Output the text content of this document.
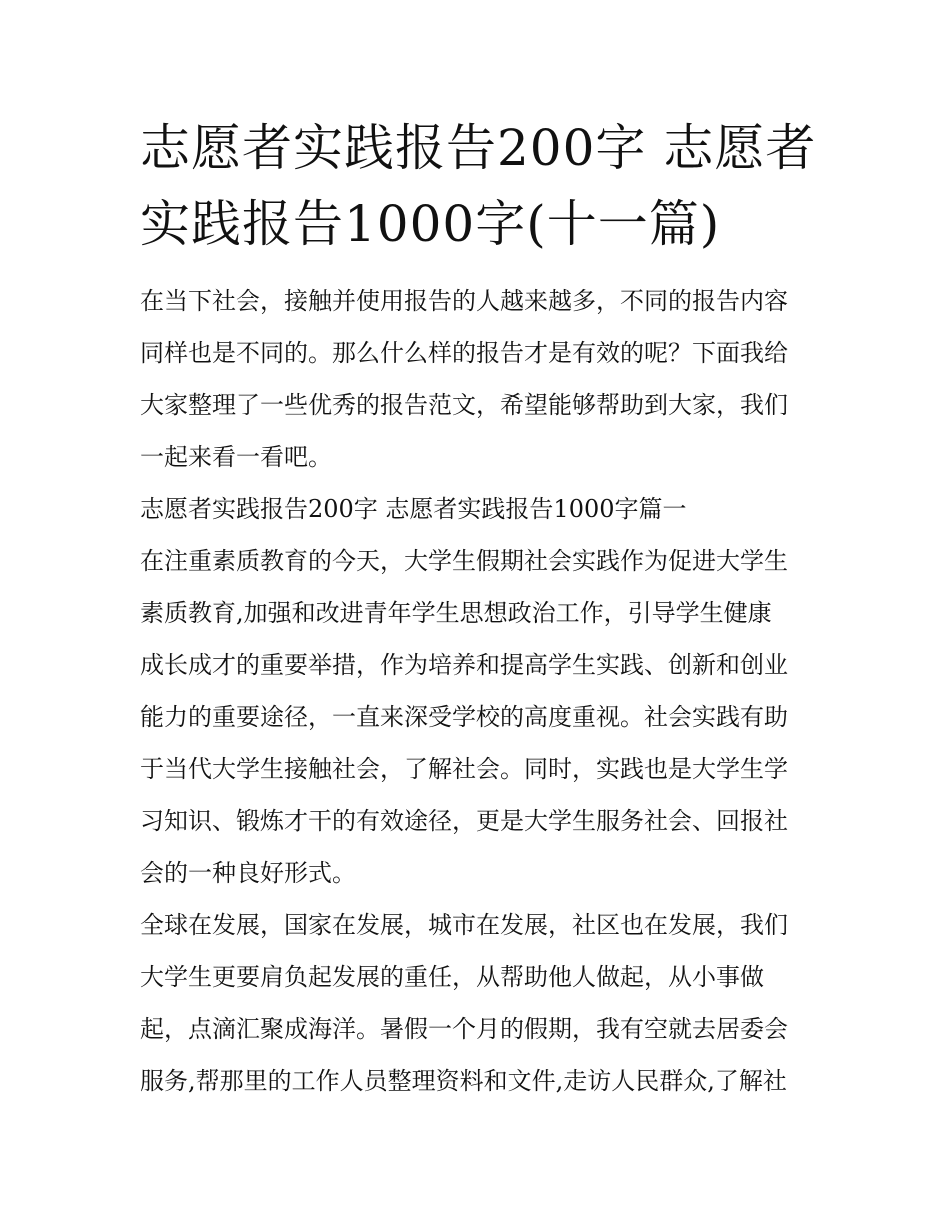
志愿者实践报告200字 志愿者
实践报告1000字(十一篇)
在当下社会，接触并使用报告的人越来越多，不同的报告内容
同样也是不同的。那么什么样的报告才是有效的呢？下面我给
大家整理了一些优秀的报告范文，希望能够帮助到大家，我们
一起来看一看吧。
志愿者实践报告200字 志愿者实践报告1000字篇一
在注重素质教育的今天，大学生假期社会实践作为促进大学生
素质教育,加强和改进青年学生思想政治工作，引导学生健康
成长成才的重要举措，作为培养和提高学生实践、创新和创业
能力的重要途径，一直来深受学校的高度重视。社会实践有助
于当代大学生接触社会，了解社会。同时，实践也是大学生学
习知识、锻炼才干的有效途径，更是大学生服务社会、回报社
会的一种良好形式。
全球在发展，国家在发展，城市在发展，社区也在发展，我们
大学生更要肩负起发展的重任，从帮助他人做起，从小事做
起，点滴汇聚成海洋。暑假一个月的假期，我有空就去居委会
服务,帮那里的工作人员整理资料和文件,走访人民群众,了解社
